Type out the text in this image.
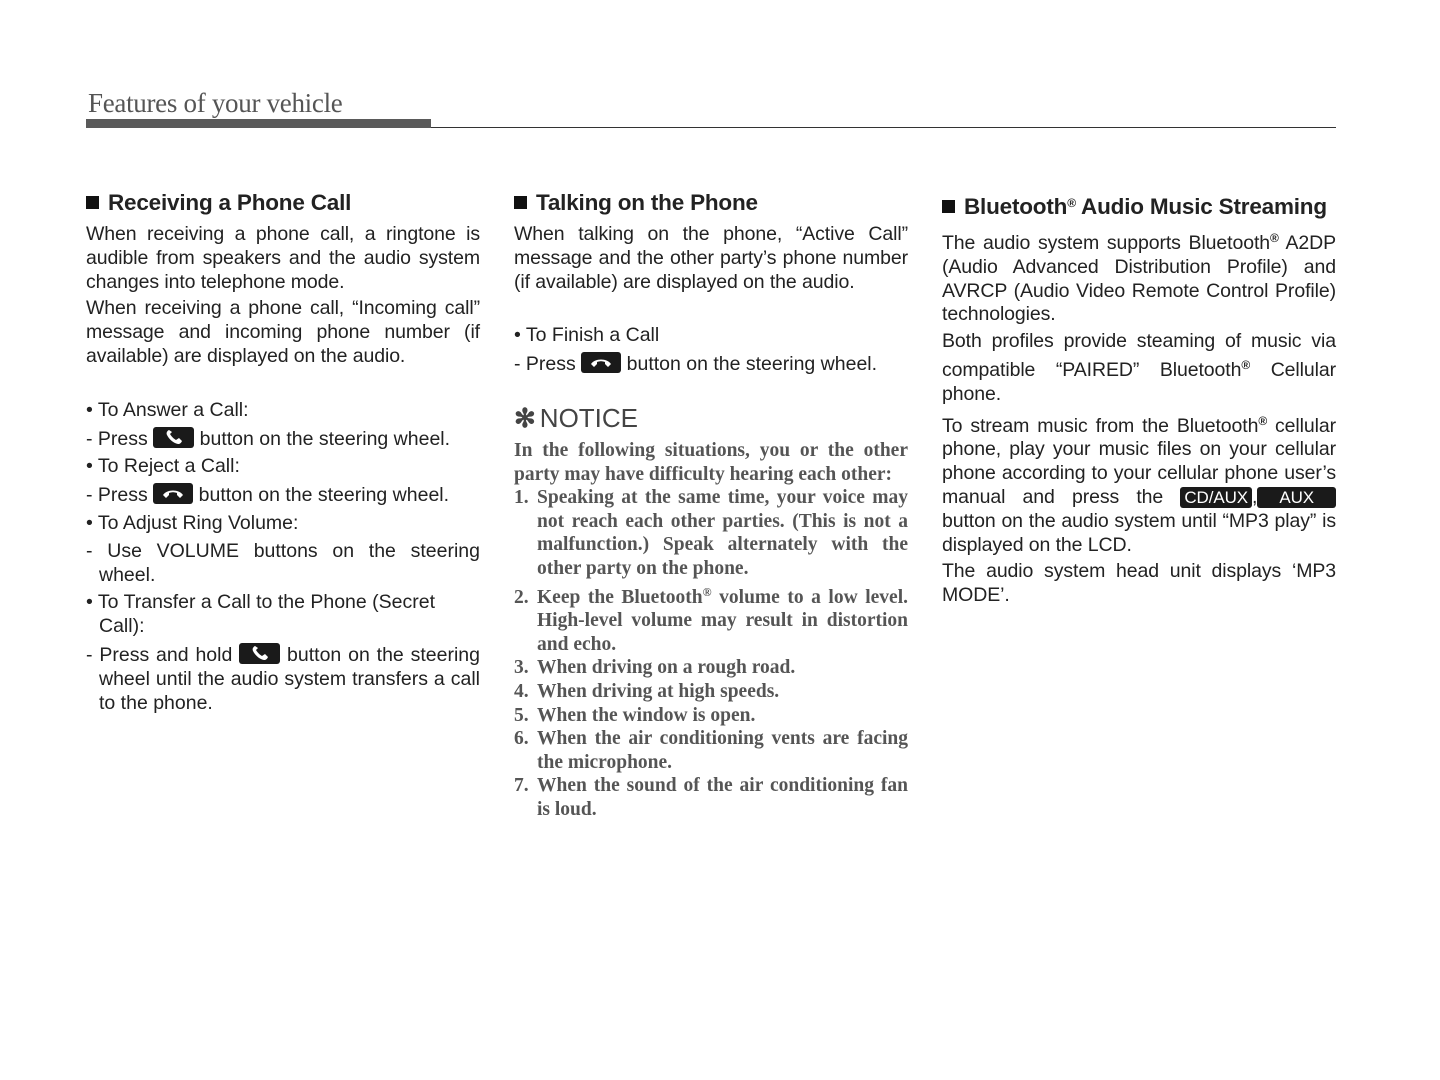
Features of your vehicle
Receiving a Phone Call

When receiving a phone call, a ringtone is audible from speakers and the audio system changes into telephone mode.

When receiving a phone call, “Incoming call” message and incoming phone number (if available) are displayed on the audio.

• To Answer a Call:
- Press	button on the steering wheel.
• To Reject a Call:
- Press	button on the steering wheel.
• To Adjust Ring Volume:
- Use VOLUME buttons on the steering wheel.
• To Transfer a Call to the Phone (Secret Call):
- Press and hold	button on the steering wheel until the audio system transfers a call to the phone.
Talking on the Phone

When talking on the phone, “Active Call” message and the other party’s phone number (if available) are displayed on the audio.

• To Finish a Call
- Press	button on the steering wheel.
✻ NOTICE

In the following situations, you or the other party may have difficulty hearing each other:

1. Speaking at the same time, your voice may not reach each other parties. (This is not a malfunction.) Speak alternately with the other party on the phone.
2. Keep the Bluetooth® volume to a low level. High-level volume may result in distortion and echo.
3. When driving on a rough road.
4. When driving at high speeds.
5. When the window is open.
6. When the air conditioning vents are facing the microphone.
7. When the sound of the air conditioning fan is loud.
Bluetooth® Audio Music Streaming

The audio system supports Bluetooth® A2DP (Audio Advanced Distribution Profile) and AVRCP (Audio Video Remote Control Profile) technologies.

Both profiles provide steaming of music via compatible “PAIRED” Bluetooth® Cellular phone.

To stream music from the Bluetooth® cellular phone, play your music files on your cellular phone according to your cellular phone user’s manual and press the CD/AUX , AUX button on the audio system until “MP3 play” is displayed on the LCD.

The audio system head unit displays ‘MP3 MODE’.
